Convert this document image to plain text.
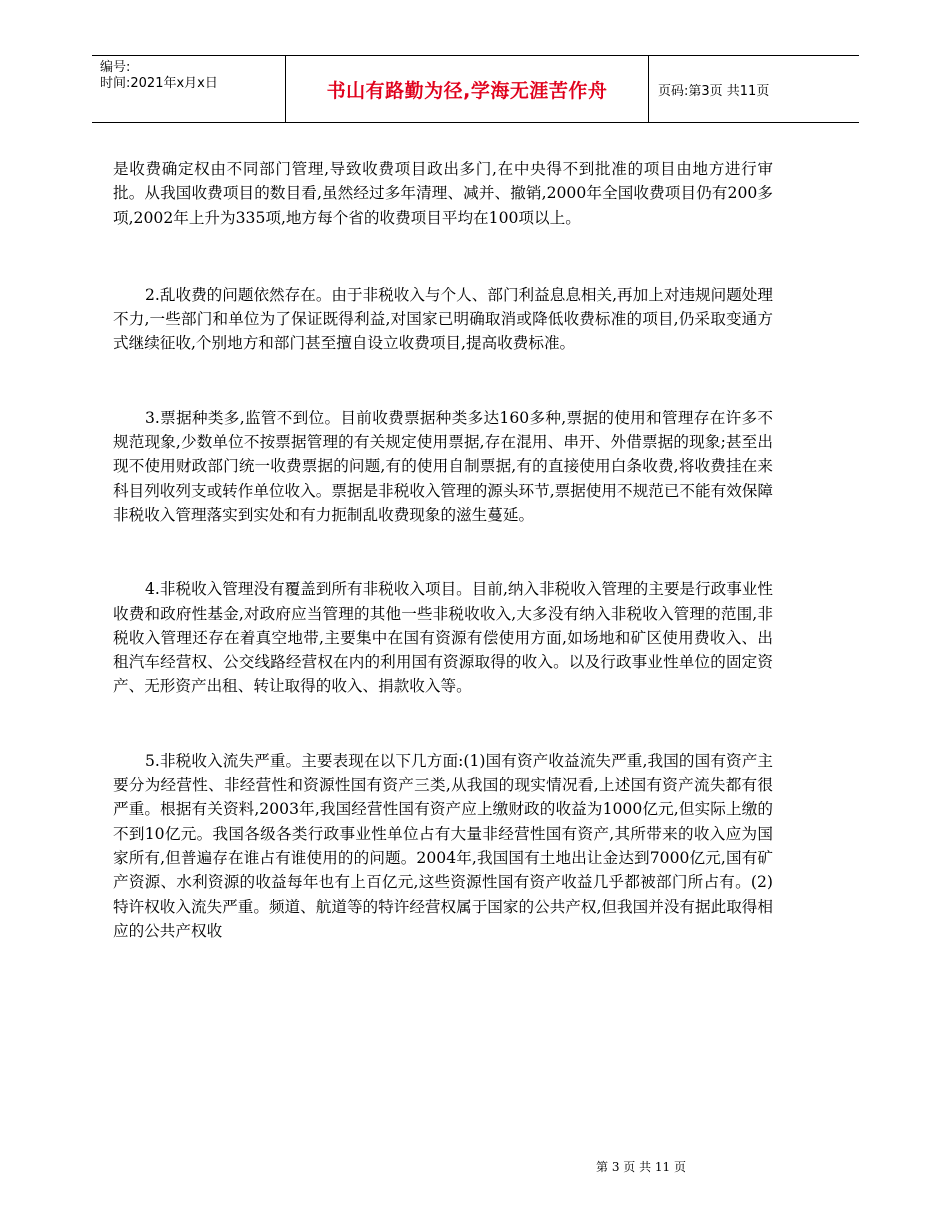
编号:
时间:2021年x月x日	书山有路勤为径,学海无涯苦作舟	页码:第3页 共11页

是收费确定权由不同部门管理,导致收费项目政出多门,在中央得不到批准的项目由地方进行审批。从我国收费项目的数目看,虽然经过多年清理、减并、撤销,2000年全国收费项目仍有200多项,2002年上升为335项,地方每个省的收费项目平均在100项以上。

2.乱收费的问题依然存在。由于非税收入与个人、部门利益息息相关,再加上对违规问题处理不力,一些部门和单位为了保证既得利益,对国家已明确取消或降低收费标准的项目,仍采取变通方式继续征收,个别地方和部门甚至擅自设立收费项目,提高收费标准。

3.票据种类多,监管不到位。目前收费票据种类多达160多种,票据的使用和管理存在许多不规范现象,少数单位不按票据管理的有关规定使用票据,存在混用、串开、外借票据的现象;甚至出现不使用财政部门统一收费票据的问题,有的使用自制票据,有的直接使用白条收费,将收费挂在来科目列收列支或转作单位收入。票据是非税收入管理的源头环节,票据使用不规范已不能有效保障非税收入管理落实到实处和有力扼制乱收费现象的滋生蔓延。

4.非税收入管理没有覆盖到所有非税收入项目。目前,纳入非税收入管理的主要是行政事业性收费和政府性基金,对政府应当管理的其他一些非税收收入,大多没有纳入非税收入管理的范围,非税收入管理还存在着真空地带,主要集中在国有资源有偿使用方面,如场地和矿区使用费收入、出租汽车经营权、公交线路经营权在内的利用国有资源取得的收入。以及行政事业性单位的固定资产、无形资产出租、转让取得的收入、捐款收入等。

5.非税收入流失严重。主要表现在以下几方面:(1)国有资产收益流失严重,我国的国有资产主要分为经营性、非经营性和资源性国有资产三类,从我国的现实情况看,上述国有资产流失都有很严重。根据有关资料,2003年,我国经营性国有资产应上缴财政的收益为1000亿元,但实际上缴的不到10亿元。我国各级各类行政事业性单位占有大量非经营性国有资产,其所带来的收入应为国家所有,但普遍存在谁占有谁使用的的问题。2004年,我国国有土地出让金达到7000亿元,国有矿产资源、水利资源的收益每年也有上百亿元,这些资源性国有资产收益几乎都被部门所占有。(2)特许权收入流失严重。频道、航道等的特许经营权属于国家的公共产权,但我国并没有据此取得相应的公共产权收

第 3 页 共 11 页
